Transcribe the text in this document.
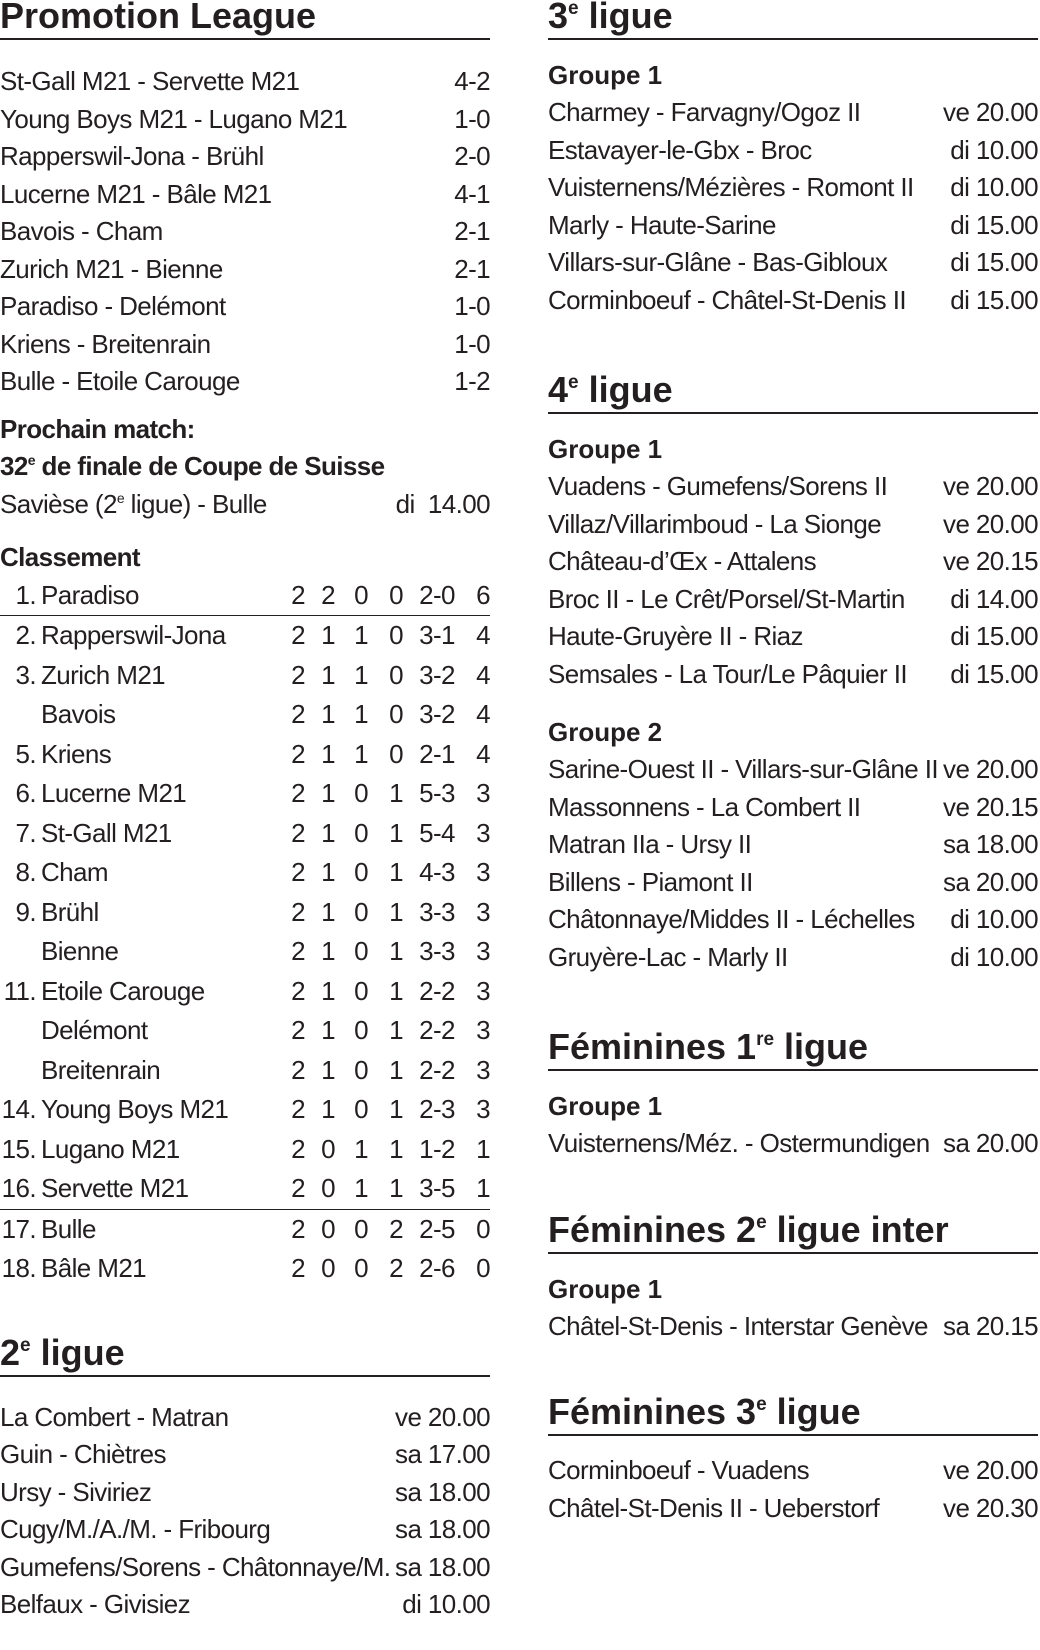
Promotion League
St-Gall M21 - Servette M21	4-2
Young Boys M21 - Lugano M21	1-0
Rapperswil-Jona - Brühl	2-0
Lucerne M21 - Bâle M21	4-1
Bavois - Cham	2-1
Zurich M21 - Bienne	2-1
Paradiso - Delémont	1-0
Kriens - Breitenrain	1-0
Bulle - Etoile Carouge	1-2
Prochain match:
32e de finale de Coupe de Suisse
Savièse (2e ligue) - Bulle	di  14.00
Classement
1. Paradiso	2 2 0 0 2-0 6
2. Rapperswil-Jona	2 1 1 0 3-1 4
3. Zurich M21	2 1 1 0 3-2 4
Bavois	2 1 1 0 3-2 4
5. Kriens	2 1 1 0 2-1 4
6. Lucerne M21	2 1 0 1 5-3 3
7. St-Gall M21	2 1 0 1 5-4 3
8. Cham	2 1 0 1 4-3 3
9. Brühl	2 1 0 1 3-3 3
Bienne	2 1 0 1 3-3 3
11. Etoile Carouge	2 1 0 1 2-2 3
Delémont	2 1 0 1 2-2 3
Breitenrain	2 1 0 1 2-2 3
14. Young Boys M21 2 1 0 1 2-3 3
15. Lugano M21	2 0 1 1 1-2 1
16. Servette M21	2 0 1 1 3-5 1
17. Bulle	2 0 0 2 2-5 0
18. Bâle M21	2 0 0 2 2-6 0
2e ligue
La Combert - Matran	ve 20.00
Guin - Chiètres	sa 17.00
Ursy - Siviriez	sa 18.00
Cugy/M./A./M. - Fribourg	sa 18.00
Gumefens/Sorens - Châtonnaye/M. sa 18.00
Belfaux - Givisiez	di 10.00
3e ligue
Groupe 1
Charmey - Farvagny/Ogoz II	ve 20.00
Estavayer-le-Gbx - Broc	di 10.00
Vuisternens/Mézières - Romont II di 10.00
Marly - Haute-Sarine	di 15.00
Villars-sur-Glâne - Bas-Gibloux di 15.00
Corminboeuf - Châtel-St-Denis II di 15.00
4e ligue
Groupe 1
Vuadens - Gumefens/Sorens II ve 20.00
Villaz/Villarimboud - La Sionge ve 20.00
Château-d’Œx - Attalens	ve 20.15
Broc II - Le Crêt/Porsel/St-Martin di 14.00
Haute-Gruyère II - Riaz	di 15.00
Semsales - La Tour/Le Pâquier II di 15.00
Groupe 2
Sarine-Ouest II - Villars-sur-Glâne II ve 20.00
Massonnens - La Combert II	ve 20.15
Matran IIa - Ursy II	sa 18.00
Billens - Piamont II	sa 20.00
Châtonnaye/Middes II - Léchelles di 10.00
Gruyère-Lac - Marly II	di 10.00
Féminines 1re ligue
Groupe 1
Vuisternens/Méz. - Ostermundigen sa 20.00
Féminines 2e ligue inter
Groupe 1
Châtel-St-Denis - Interstar Genève sa 20.15
Féminines 3e ligue
Corminboeuf - Vuadens	ve 20.00
Châtel-St-Denis II - Ueberstorf ve 20.30
